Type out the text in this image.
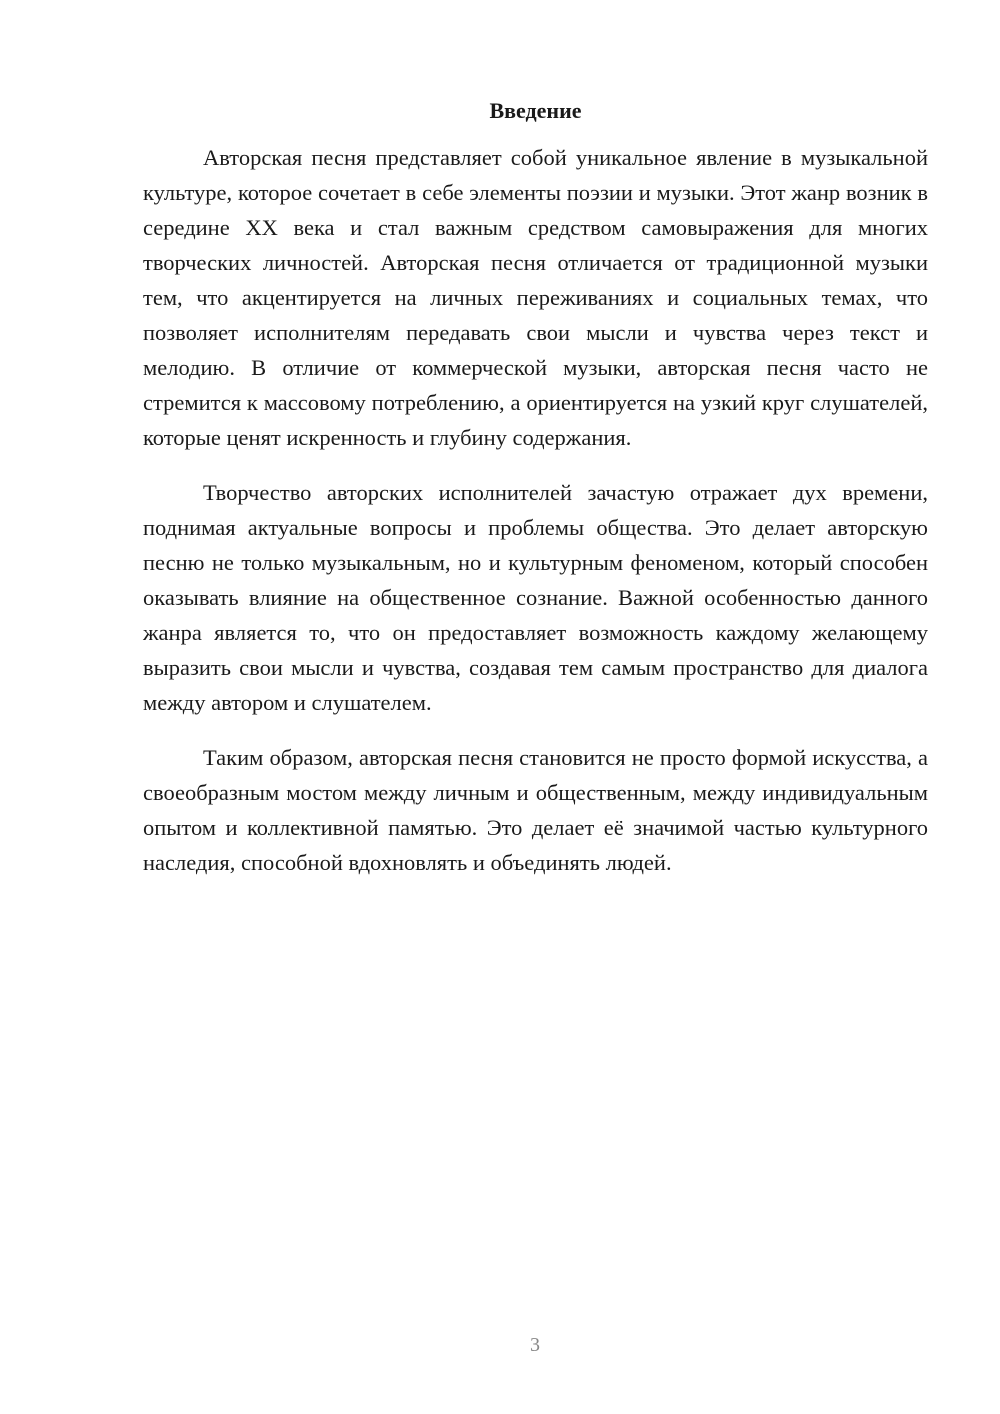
Введение

Авторская песня представляет собой уникальное явление в музыкальной культуре, которое сочетает в себе элементы поэзии и музыки. Этот жанр возник в середине XX века и стал важным средством самовыражения для многих творческих личностей. Авторская песня отличается от традиционной музыки тем, что акцентируется на личных переживаниях и социальных темах, что позволяет исполнителям передавать свои мысли и чувства через текст и мелодию. В отличие от коммерческой музыки, авторская песня часто не стремится к массовому потреблению, а ориентируется на узкий круг слушателей, которые ценят искренность и глубину содержания.

Творчество авторских исполнителей зачастую отражает дух времени, поднимая актуальные вопросы и проблемы общества. Это делает авторскую песню не только музыкальным, но и культурным феноменом, который способен оказывать влияние на общественное сознание. Важной особенностью данного жанра является то, что он предоставляет возможность каждому желающему выразить свои мысли и чувства, создавая тем самым пространство для диалога между автором и слушателем.

Таким образом, авторская песня становится не просто формой искусства, а своеобразным мостом между личным и общественным, между индивидуальным опытом и коллективной памятью. Это делает её значимой частью культурного наследия, способной вдохновлять и объединять людей.

3
